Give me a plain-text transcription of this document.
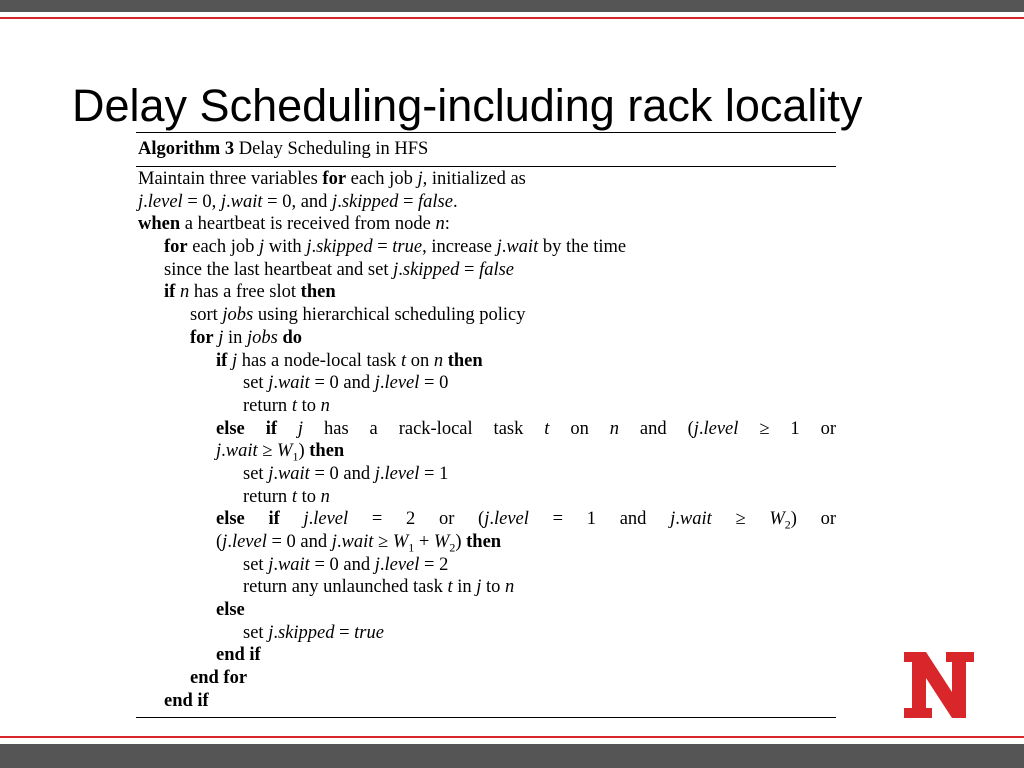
Delay Scheduling-including rack locality
Algorithm 3 Delay Scheduling in HFS
Maintain three variables for each job j, initialized as
j.level = 0, j.wait = 0, and j.skipped = false.
when a heartbeat is received from node n:
for each job j with j.skipped = true, increase j.wait by the time
since the last heartbeat and set j.skipped = false
if n has a free slot then
sort jobs using hierarchical scheduling policy
for j in jobs do
if j has a node-local task t on n then
set j.wait = 0 and j.level = 0
return t to n
else if j has a rack-local task t on n and (j.level ≥ 1 or
j.wait ≥ $W_1$) then
set j.wait = 0 and j.level = 1
return t to n
else if j.level = 2 or (j.level = 1 and j.wait ≥ $W_2$) or
(j.level = 0 and j.wait ≥ $W_1 + W_2$) then
set j.wait = 0 and j.level = 2
return any unlaunched task t in j to n
else
set j.skipped = true
end if
end for
end if
